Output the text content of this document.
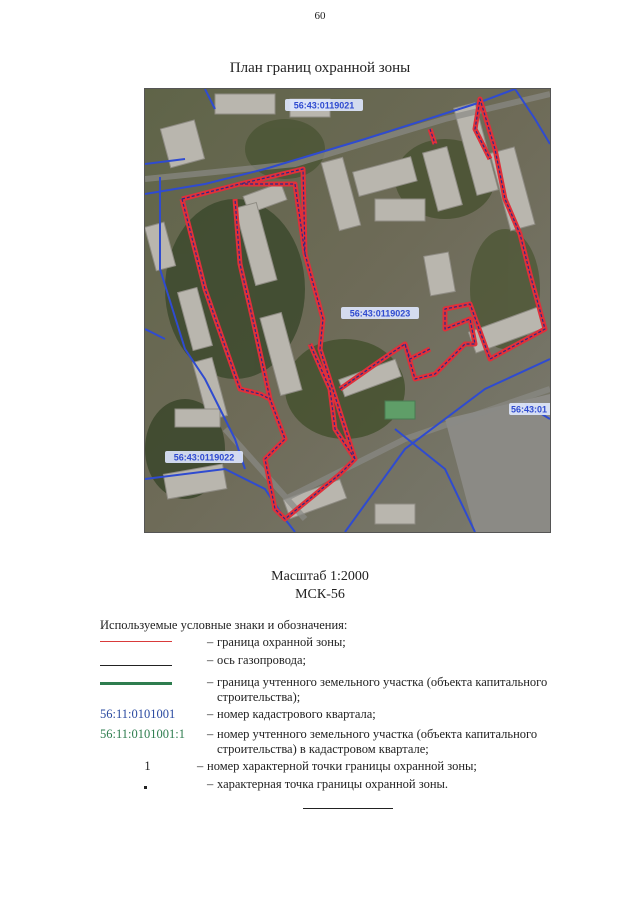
60
План границ охранной зоны
56:43:0119021
56:43:0119023
56:43:0119022
56:43:01
Масштаб 1:2000
МСК-56
Используемые условные знаки и обозначения:
– граница охранной зоны;
– ось газопровода;
– граница учтенного земельного участка (объекта капитального строительства);
56:11:0101001	– номер кадастрового квартала;
56:11:0101001:1	– номер учтенного земельного участка (объекта капитального строительства) в кадастровом квартале;
1	– номер характерной точки границы охранной зоны;
– характерная точка границы охранной зоны.
